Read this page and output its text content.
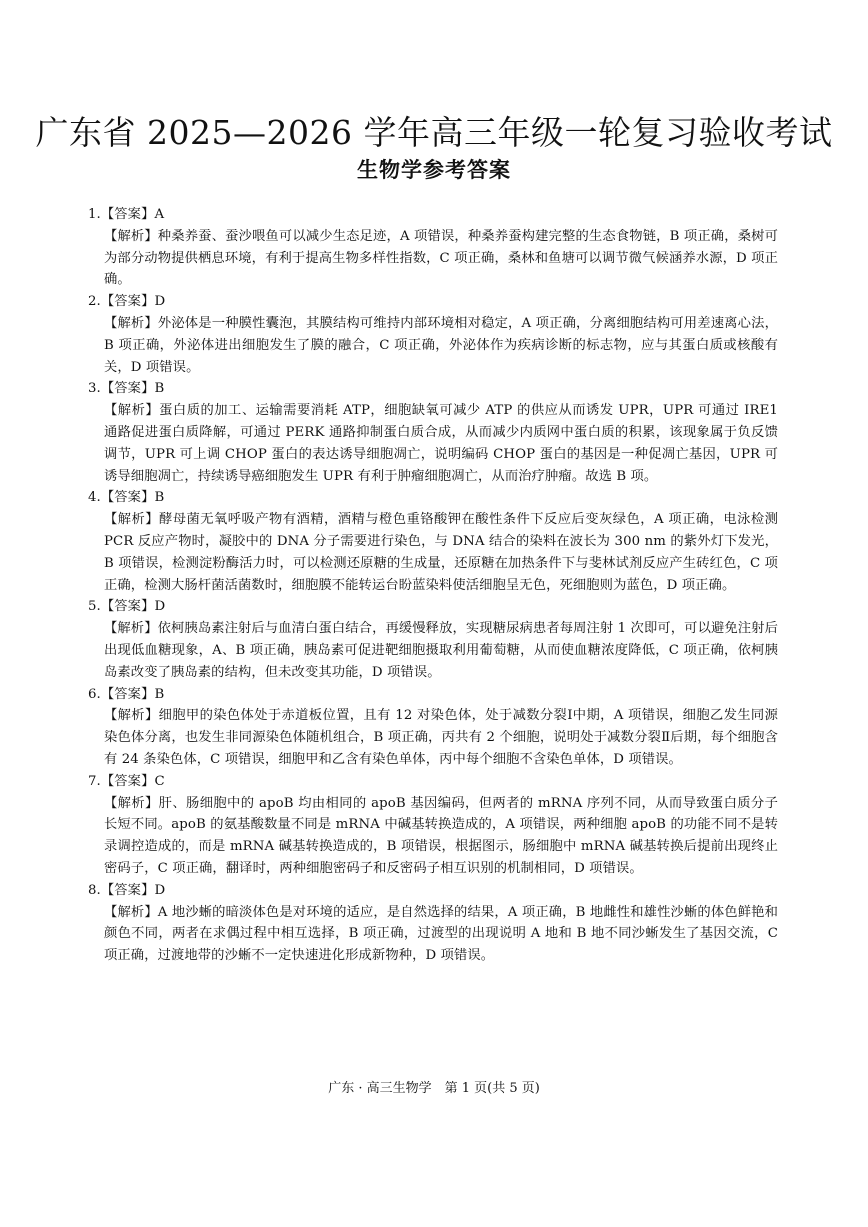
广东省 2025—2026 学年高三年级一轮复习验收考试
生物学参考答案
1.【答案】A
【解析】种桑养蚕、蚕沙喂鱼可以减少生态足迹，A 项错误，种桑养蚕构建完整的生态食物链，B 项正确，桑树可为部分动物提供栖息环境，有利于提高生物多样性指数，C 项正确，桑林和鱼塘可以调节微气候涵养水源，D 项正确。
2.【答案】D
【解析】外泌体是一种膜性囊泡，其膜结构可维持内部环境相对稳定，A 项正确，分离细胞结构可用差速离心法，B 项正确，外泌体进出细胞发生了膜的融合，C 项正确，外泌体作为疾病诊断的标志物，应与其蛋白质或核酸有关，D 项错误。
3.【答案】B
【解析】蛋白质的加工、运输需要消耗 ATP，细胞缺氧可减少 ATP 的供应从而诱发 UPR，UPR 可通过 IRE1 通路促进蛋白质降解，可通过 PERK 通路抑制蛋白质合成，从而减少内质网中蛋白质的积累，该现象属于负反馈调节，UPR 可上调 CHOP 蛋白的表达诱导细胞凋亡，说明编码 CHOP 蛋白的基因是一种促凋亡基因，UPR 可诱导细胞凋亡，持续诱导癌细胞发生 UPR 有利于肿瘤细胞凋亡，从而治疗肿瘤。故选 B 项。
4.【答案】B
【解析】酵母菌无氧呼吸产物有酒精，酒精与橙色重铬酸钾在酸性条件下反应后变灰绿色，A 项正确，电泳检测 PCR 反应产物时，凝胶中的 DNA 分子需要进行染色，与 DNA 结合的染料在波长为 300 nm 的紫外灯下发光，B 项错误，检测淀粉酶活力时，可以检测还原糖的生成量，还原糖在加热条件下与斐林试剂反应产生砖红色，C 项正确，检测大肠杆菌活菌数时，细胞膜不能转运台盼蓝染料使活细胞呈无色，死细胞则为蓝色，D 项正确。
5.【答案】D
【解析】依柯胰岛素注射后与血清白蛋白结合，再缓慢释放，实现糖尿病患者每周注射 1 次即可，可以避免注射后出现低血糖现象，A、B 项正确，胰岛素可促进靶细胞摄取利用葡萄糖，从而使血糖浓度降低，C 项正确，依柯胰岛素改变了胰岛素的结构，但未改变其功能，D 项错误。
6.【答案】B
【解析】细胞甲的染色体处于赤道板位置，且有 12 对染色体，处于减数分裂Ⅰ中期，A 项错误，细胞乙发生同源染色体分离，也发生非同源染色体随机组合，B 项正确，丙共有 2 个细胞，说明处于减数分裂Ⅱ后期，每个细胞含有 24 条染色体，C 项错误，细胞甲和乙含有染色单体，丙中每个细胞不含染色单体，D 项错误。
7.【答案】C
【解析】肝、肠细胞中的 apoB 均由相同的 apoB 基因编码，但两者的 mRNA 序列不同，从而导致蛋白质分子长短不同。apoB 的氨基酸数量不同是 mRNA 中碱基转换造成的，A 项错误，两种细胞 apoB 的功能不同不是转录调控造成的，而是 mRNA 碱基转换造成的，B 项错误，根据图示，肠细胞中 mRNA 碱基转换后提前出现终止密码子，C 项正确，翻译时，两种细胞密码子和反密码子相互识别的机制相同，D 项错误。
8.【答案】D
【解析】A 地沙蜥的暗淡体色是对环境的适应，是自然选择的结果，A 项正确，B 地雌性和雄性沙蜥的体色鲜艳和颜色不同，两者在求偶过程中相互选择，B 项正确，过渡型的出现说明 A 地和 B 地不同沙蜥发生了基因交流，C 项正确，过渡地带的沙蜥不一定快速进化形成新物种，D 项错误。
广东 · 高三生物学　第 1 页(共 5 页)
